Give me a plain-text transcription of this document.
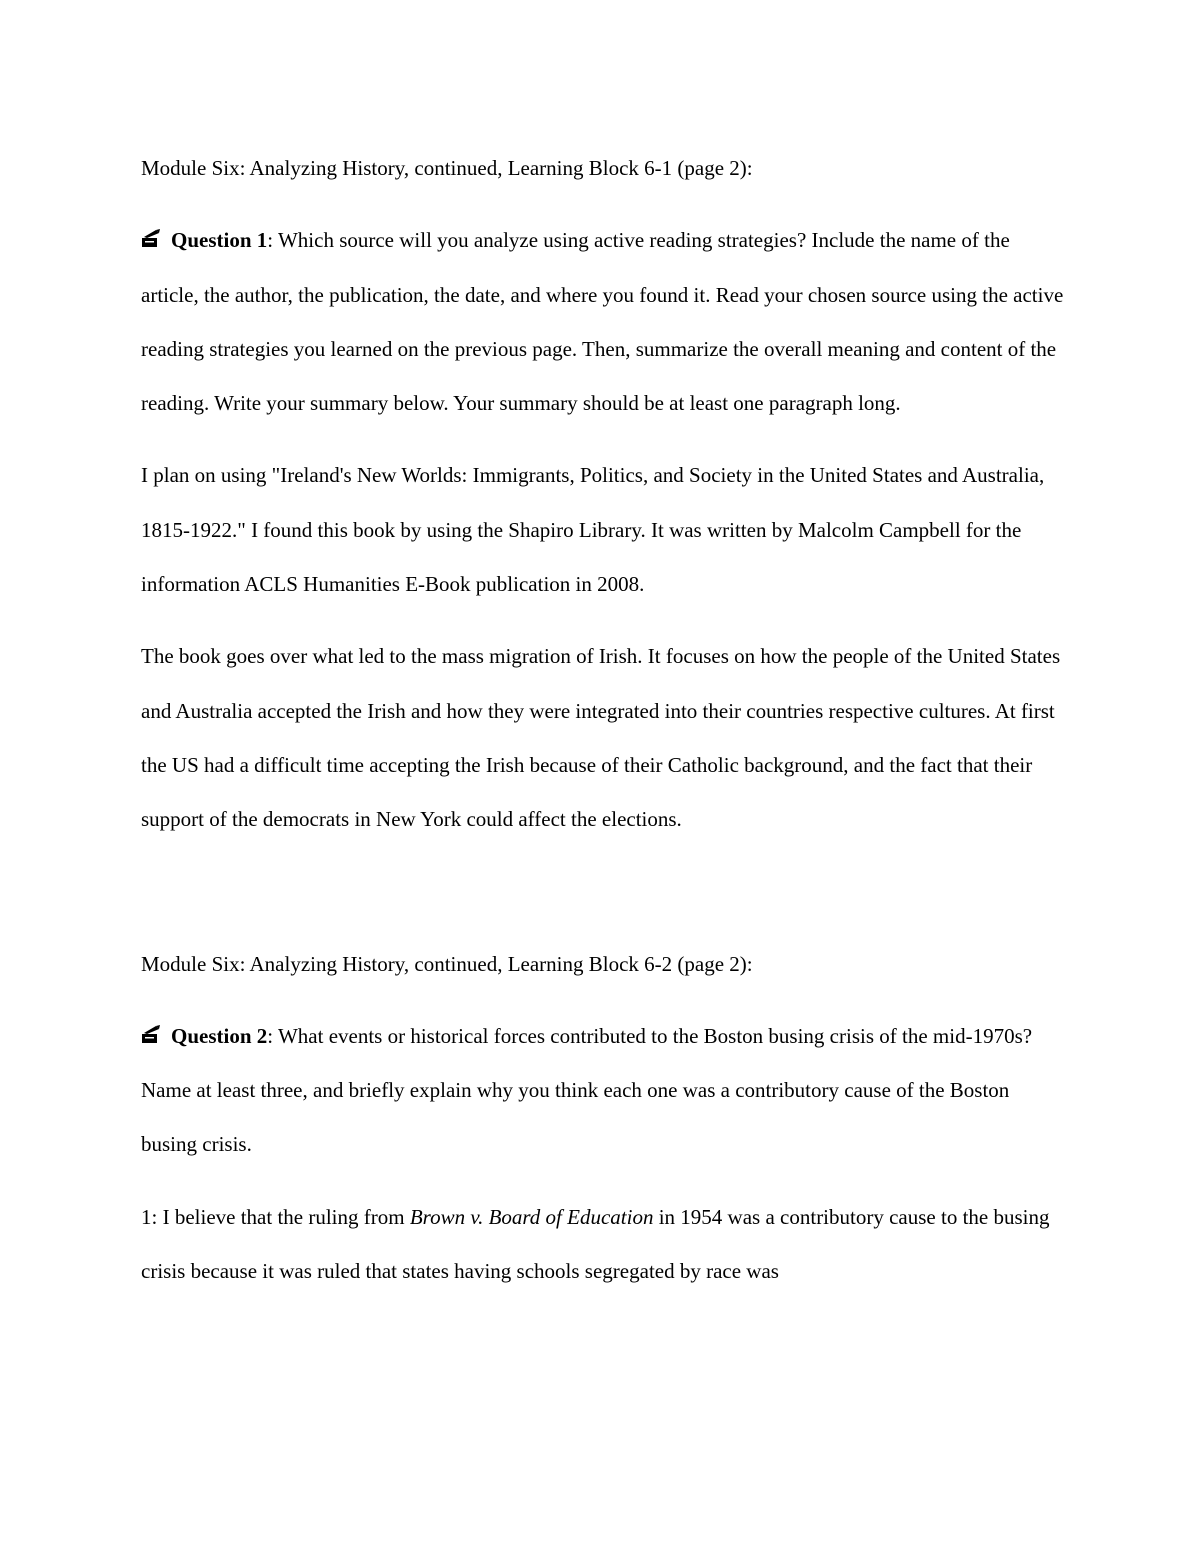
Module Six: Analyzing History, continued, Learning Block 6-1 (page 2):

Question 1: Which source will you analyze using active reading strategies? Include the name of the article, the author, the publication, the date, and where you found it. Read your chosen source using the active reading strategies you learned on the previous page. Then, summarize the overall meaning and content of the reading. Write your summary below. Your summary should be at least one paragraph long.

I plan on using "Ireland's New Worlds: Immigrants, Politics, and Society in the United States and Australia, 1815-1922." I found this book by using the Shapiro Library. It was written by Malcolm Campbell for the information ACLS Humanities E-Book publication in 2008.

The book goes over what led to the mass migration of Irish. It focuses on how the people of the United States and Australia accepted the Irish and how they were integrated into their countries respective cultures. At first the US had a difficult time accepting the Irish because of their Catholic background, and the fact that their support of the democrats in New York could affect the elections.

Module Six: Analyzing History, continued, Learning Block 6-2 (page 2):

Question 2: What events or historical forces contributed to the Boston busing crisis of the mid-1970s? Name at least three, and briefly explain why you think each one was a contributory cause of the Boston busing crisis.

1: I believe that the ruling from Brown v. Board of Education in 1954 was a contributory cause to the busing crisis because it was ruled that states having schools segregated by race was
